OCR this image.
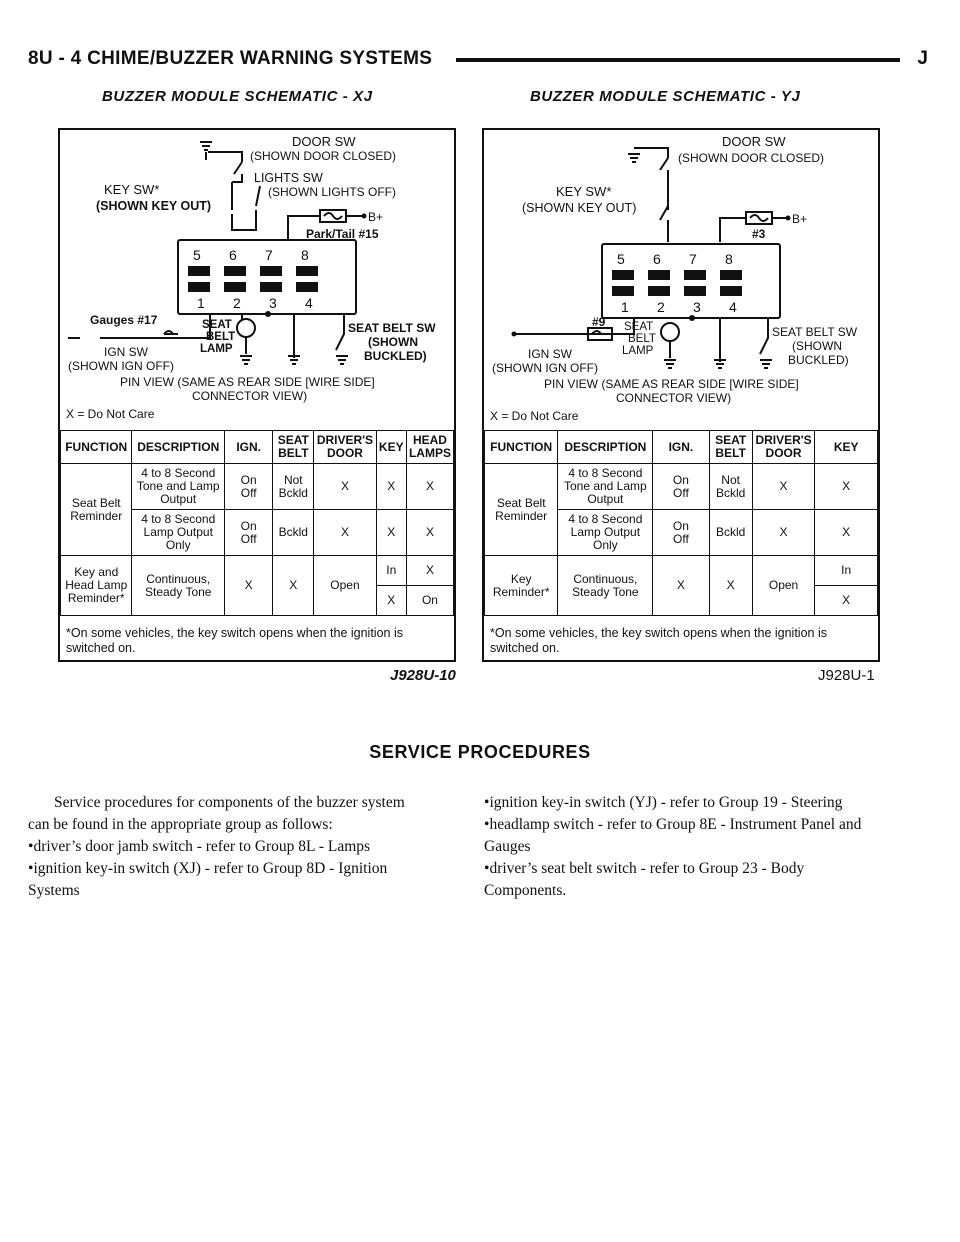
8U - 4 CHIME/BUZZER WARNING SYSTEMS	J
BUZZER MODULE SCHEMATIC - XJ	BUZZER MODULE SCHEMATIC - YJ
DOOR SW
(SHOWN DOOR CLOSED)
LIGHTS SW
(SHOWN LIGHTS OFF)
KEY SW*
(SHOWN KEY OUT)
B+
Park/Tail #15
5 6 7 8
1 2 3 4
Gauges #17	SEAT
BELT
LAMP
SEAT BELT SW
(SHOWN
BUCKLED)
IGN SW
(SHOWN IGN OFF)
PIN VIEW (SAME AS REAR SIDE [WIRE SIDE]
CONNECTOR VIEW)
X = Do Not Care
FUNCTION	DESCRIPTION	IGN.	SEAT BELT	DRIVER'S DOOR	KEY	HEAD LAMPS
Seat Belt Reminder	4 to 8 Second Tone and Lamp Output	On
Off	Not Bckld	X	X	X
	4 to 8 Second Lamp Output Only	On
Off	Bckld	X	X	X
Key and Head Lamp Reminder*	Continuous, Steady Tone	X	X	Open	In	X
					X	On
*On some vehicles, the key switch opens when the ignition is switched on.
J928U-10
DOOR SW
(SHOWN DOOR CLOSED)
KEY SW*
(SHOWN KEY OUT)
B+
#3
5 6 7 8
1 2 3 4
#9 SEAT
BELT
LAMP
SEAT BELT SW
(SHOWN
BUCKLED)
IGN SW
(SHOWN IGN OFF)
PIN VIEW (SAME AS REAR SIDE [WIRE SIDE]
CONNECTOR VIEW)
X = Do Not Care
FUNCTION	DESCRIPTION	IGN.	SEAT BELT	DRIVER'S DOOR	KEY
Seat Belt Reminder	4 to 8 Second Tone and Lamp Output	On
Off	Not Bckld	X	X
	4 to 8 Second Lamp Output Only	On
Off	Bckld	X	X
Key Reminder*	Continuous, Steady Tone	X	X	Open	In
					X
*On some vehicles, the key switch opens when the ignition is switched on.
J928U-1
SERVICE PROCEDURES

Service procedures for components of the buzzer system can be found in the appropriate group as follows:

•driver’s door jamb switch - refer to Group 8L - Lamps

•ignition key-in switch (XJ) - refer to Group 8D - Ignition Systems

•ignition key-in switch (YJ) - refer to Group 19 - Steering

•headlamp switch - refer to Group 8E - Instrument Panel and Gauges

•driver’s seat belt switch - refer to Group 23 - Body Components.
